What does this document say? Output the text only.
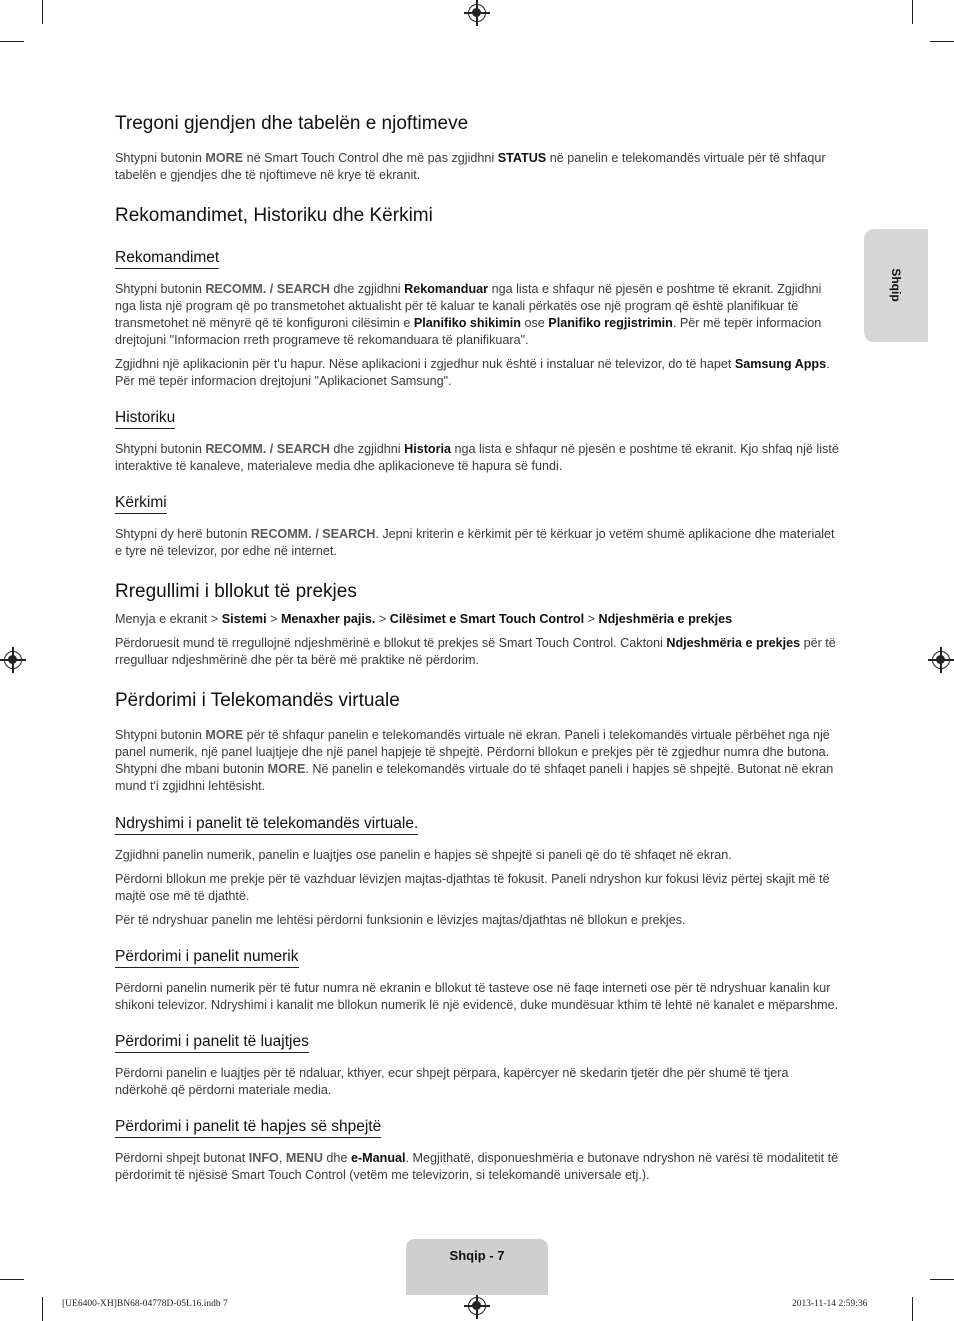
Shqip
Tregoni gjendjen dhe tabelën e njoftimeve

Shtypni butonin MORE në Smart Touch Control dhe më pas zgjidhni STATUS në panelin e telekomandës virtuale për të shfaqur tabelën e gjendjes dhe të njoftimeve në krye të ekranit.

Rekomandimet, Historiku dhe Kërkimi
Rekomandimet

Shtypni butonin RECOMM. / SEARCH dhe zgjidhni Rekomanduar nga lista e shfaqur në pjesën e poshtme të ekranit. Zgjidhni nga lista një program që po transmetohet aktualisht për të kaluar te kanali përkatës ose një program që është planifikuar të transmetohet në mënyrë që të konfiguroni cilësimin e Planifiko shikimin ose Planifiko regjistrimin. Për më tepër informacion drejtojuni "Informacion rreth programeve të rekomanduara të planifikuara".

Zgjidhni një aplikacionin për t'u hapur. Nëse aplikacioni i zgjedhur nuk është i instaluar në televizor, do të hapet Samsung Apps. Për më tepër informacion drejtojuni "Aplikacionet Samsung".

Historiku

Shtypni butonin RECOMM. / SEARCH dhe zgjidhni Historia nga lista e shfaqur në pjesën e poshtme të ekranit. Kjo shfaq një listë interaktive të kanaleve, materialeve media dhe aplikacioneve të hapura së fundi.

Kërkimi

Shtypni dy herë butonin RECOMM. / SEARCH. Jepni kriterin e kërkimit për të kërkuar jo vetëm shumë aplikacione dhe materialet e tyre në televizor, por edhe në internet.

Rregullimi i bllokut të prekjes

Menyja e ekranit > Sistemi > Menaxher pajis. > Cilësimet e Smart Touch Control > Ndjeshmëria e prekjes

Përdoruesit mund të rregullojnë ndjeshmërinë e bllokut të prekjes së Smart Touch Control. Caktoni Ndjeshmëria e prekjes për të rregulluar ndjeshmërinë dhe për ta bërë më praktike në përdorim.

Përdorimi i Telekomandës virtuale

Shtypni butonin MORE për të shfaqur panelin e telekomandës virtuale në ekran. Paneli i telekomandës virtuale përbëhet nga një panel numerik, një panel luajtjeje dhe një panel hapjeje të shpejtë. Përdorni bllokun e prekjes për të zgjedhur numra dhe butona. Shtypni dhe mbani butonin MORE. Në panelin e telekomandës virtuale do të shfaqet paneli i hapjes së shpejtë. Butonat në ekran mund t'i zgjidhni lehtësisht.

Ndryshimi i panelit të telekomandës virtuale.

Zgjidhni panelin numerik, panelin e luajtjes ose panelin e hapjes së shpejtë si paneli që do të shfaqet në ekran.

Përdorni bllokun me prekje për të vazhduar lëvizjen majtas-djathtas të fokusit. Paneli ndryshon kur fokusi lëviz përtej skajit më të majtë ose më të djathtë.

Për të ndryshuar panelin me lehtësi përdorni funksionin e lëvizjes majtas/djathtas në bllokun e prekjes.

Përdorimi i panelit numerik

Përdorni panelin numerik për të futur numra në ekranin e bllokut të tasteve ose në faqe interneti ose për të ndryshuar kanalin kur shikoni televizor. Ndryshimi i kanalit me bllokun numerik lë një evidencë, duke mundësuar kthim të lehtë në kanalet e mëparshme.

Përdorimi i panelit të luajtjes

Përdorni panelin e luajtjes për të ndaluar, kthyer, ecur shpejt përpara, kapërcyer në skedarin tjetër dhe për shumë të tjera ndërkohë që përdorni materiale media.

Përdorimi i panelit të hapjes së shpejtë

Përdorni shpejt butonat INFO, MENU dhe e-Manual. Megjithatë, disponueshmëria e butonave ndryshon në varësi të modalitetit të përdorimit të njësisë Smart Touch Control (vetëm me televizorin, si telekomandë universale etj.).

Shqip - 7
[UE6400-XH]BN68-04778D-05L16.indb 7	2013-11-14 2:59:36
